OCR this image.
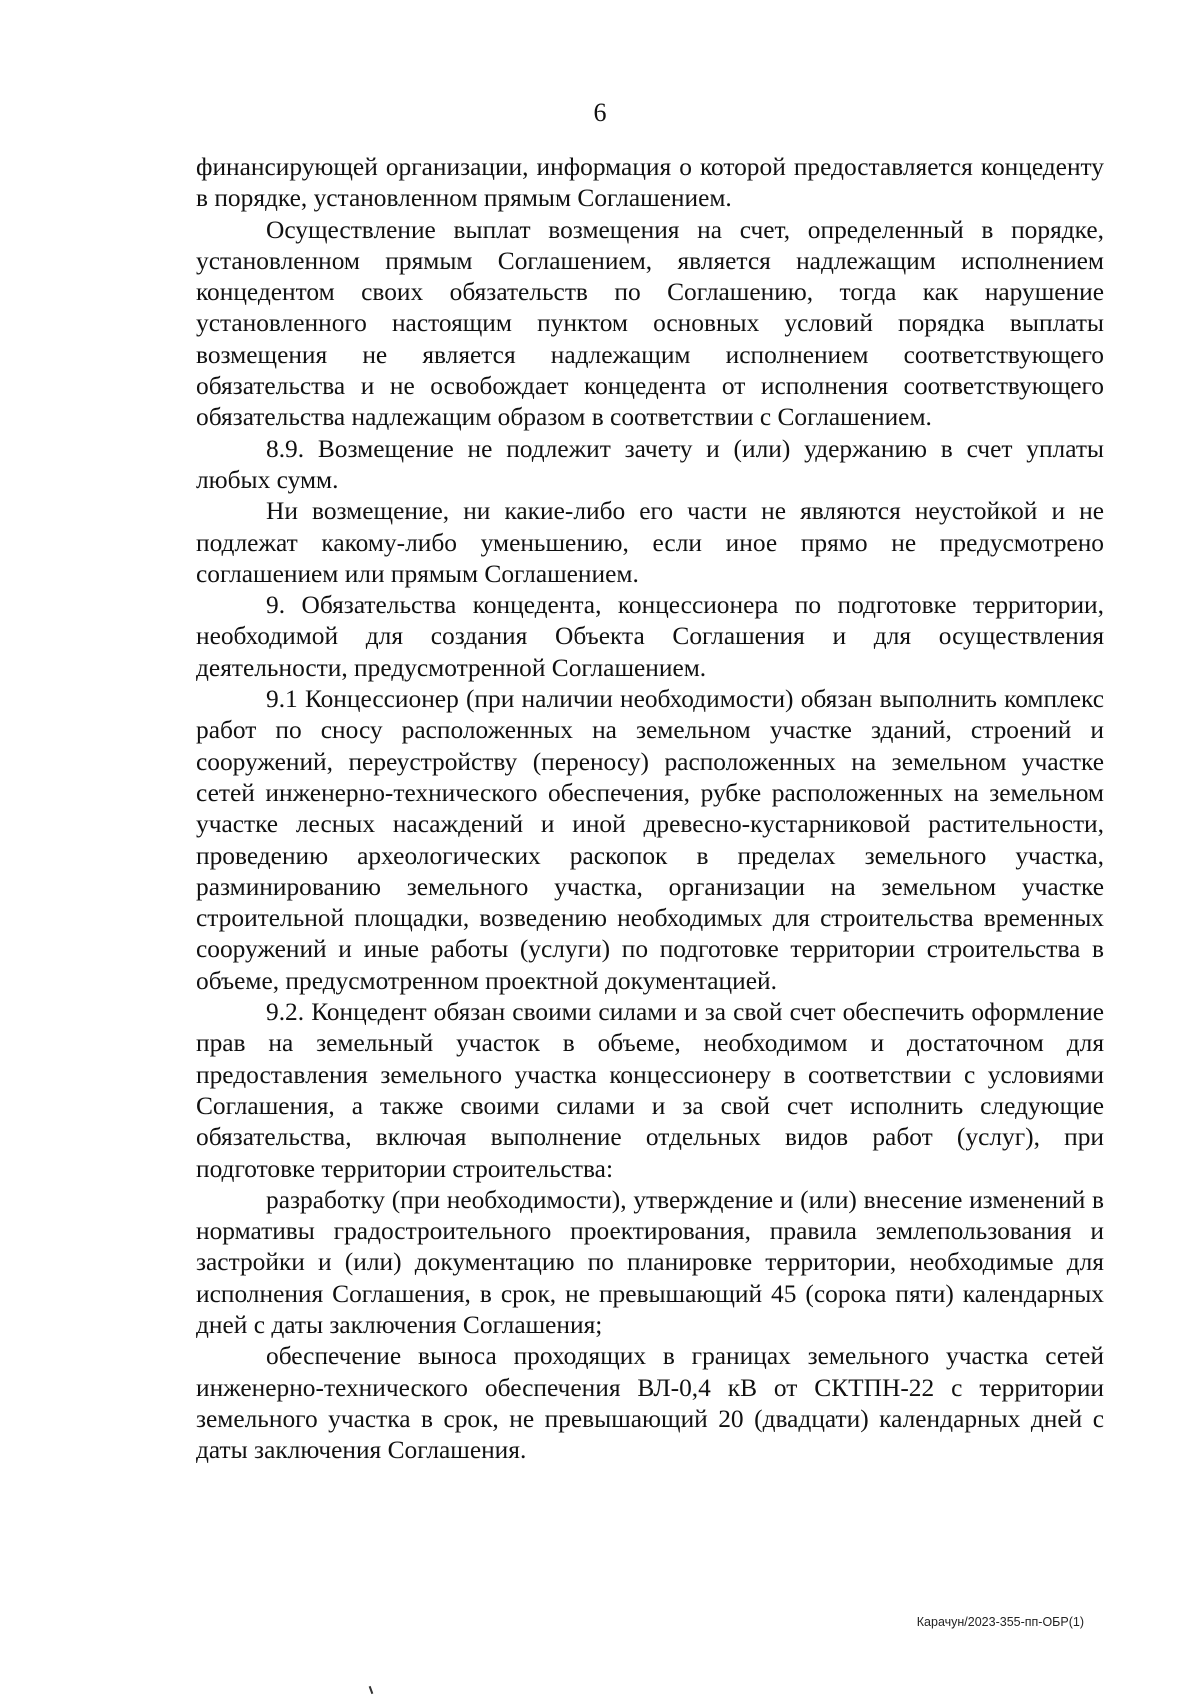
6

финансирующей организации, информация о которой предоставляется концеденту в порядке, установленном прямым Соглашением.

Осуществление выплат возмещения на счет, определенный в порядке, установленном прямым Соглашением, является надлежащим исполнением концедентом своих обязательств по Соглашению, тогда как нарушение установленного настоящим пунктом основных условий порядка выплаты возмещения не является надлежащим исполнением соответствующего обязательства и не освобождает концедента от исполнения соответствующего обязательства надлежащим образом в соответствии с Соглашением.

8.9. Возмещение не подлежит зачету и (или) удержанию в счет уплаты любых сумм.

Ни возмещение, ни какие-либо его части не являются неустойкой и не подлежат какому-либо уменьшению, если иное прямо не предусмотрено соглашением или прямым Соглашением.

9. Обязательства концедента, концессионера по подготовке территории, необходимой для создания Объекта Соглашения и для осуществления деятельности, предусмотренной Соглашением.

9.1 Концессионер (при наличии необходимости) обязан выполнить комплекс работ по сносу расположенных на земельном участке зданий, строений и сооружений, переустройству (переносу) расположенных на земельном участке сетей инженерно-технического обеспечения, рубке расположенных на земельном участке лесных насаждений и иной древесно-кустарниковой растительности, проведению археологических раскопок в пределах земельного участка, разминированию земельного участка, организации на земельном участке строительной площадки, возведению необходимых для строительства временных сооружений и иные работы (услуги) по подготовке территории строительства в объеме, предусмотренном проектной документацией.

9.2. Концедент обязан своими силами и за свой счет обеспечить оформление прав на земельный участок в объеме, необходимом и достаточном для предоставления земельного участка концессионеру в соответствии с условиями Соглашения, а также своими силами и за свой счет исполнить следующие обязательства, включая выполнение отдельных видов работ (услуг), при подготовке территории строительства:

разработку (при необходимости), утверждение и (или) внесение изменений в нормативы градостроительного проектирования, правила землепользования и застройки и (или) документацию по планировке территории, необходимые для исполнения Соглашения, в срок, не превышающий 45 (сорока пяти) календарных дней с даты заключения Соглашения;

обеспечение выноса проходящих в границах земельного участка сетей инженерно-технического обеспечения ВЛ-0,4 кВ от СКТПН-22 с территории земельного участка в срок, не превышающий 20 (двадцати) календарных дней с даты заключения Соглашения.

Карачун/2023-355-пп-ОБР(1)
